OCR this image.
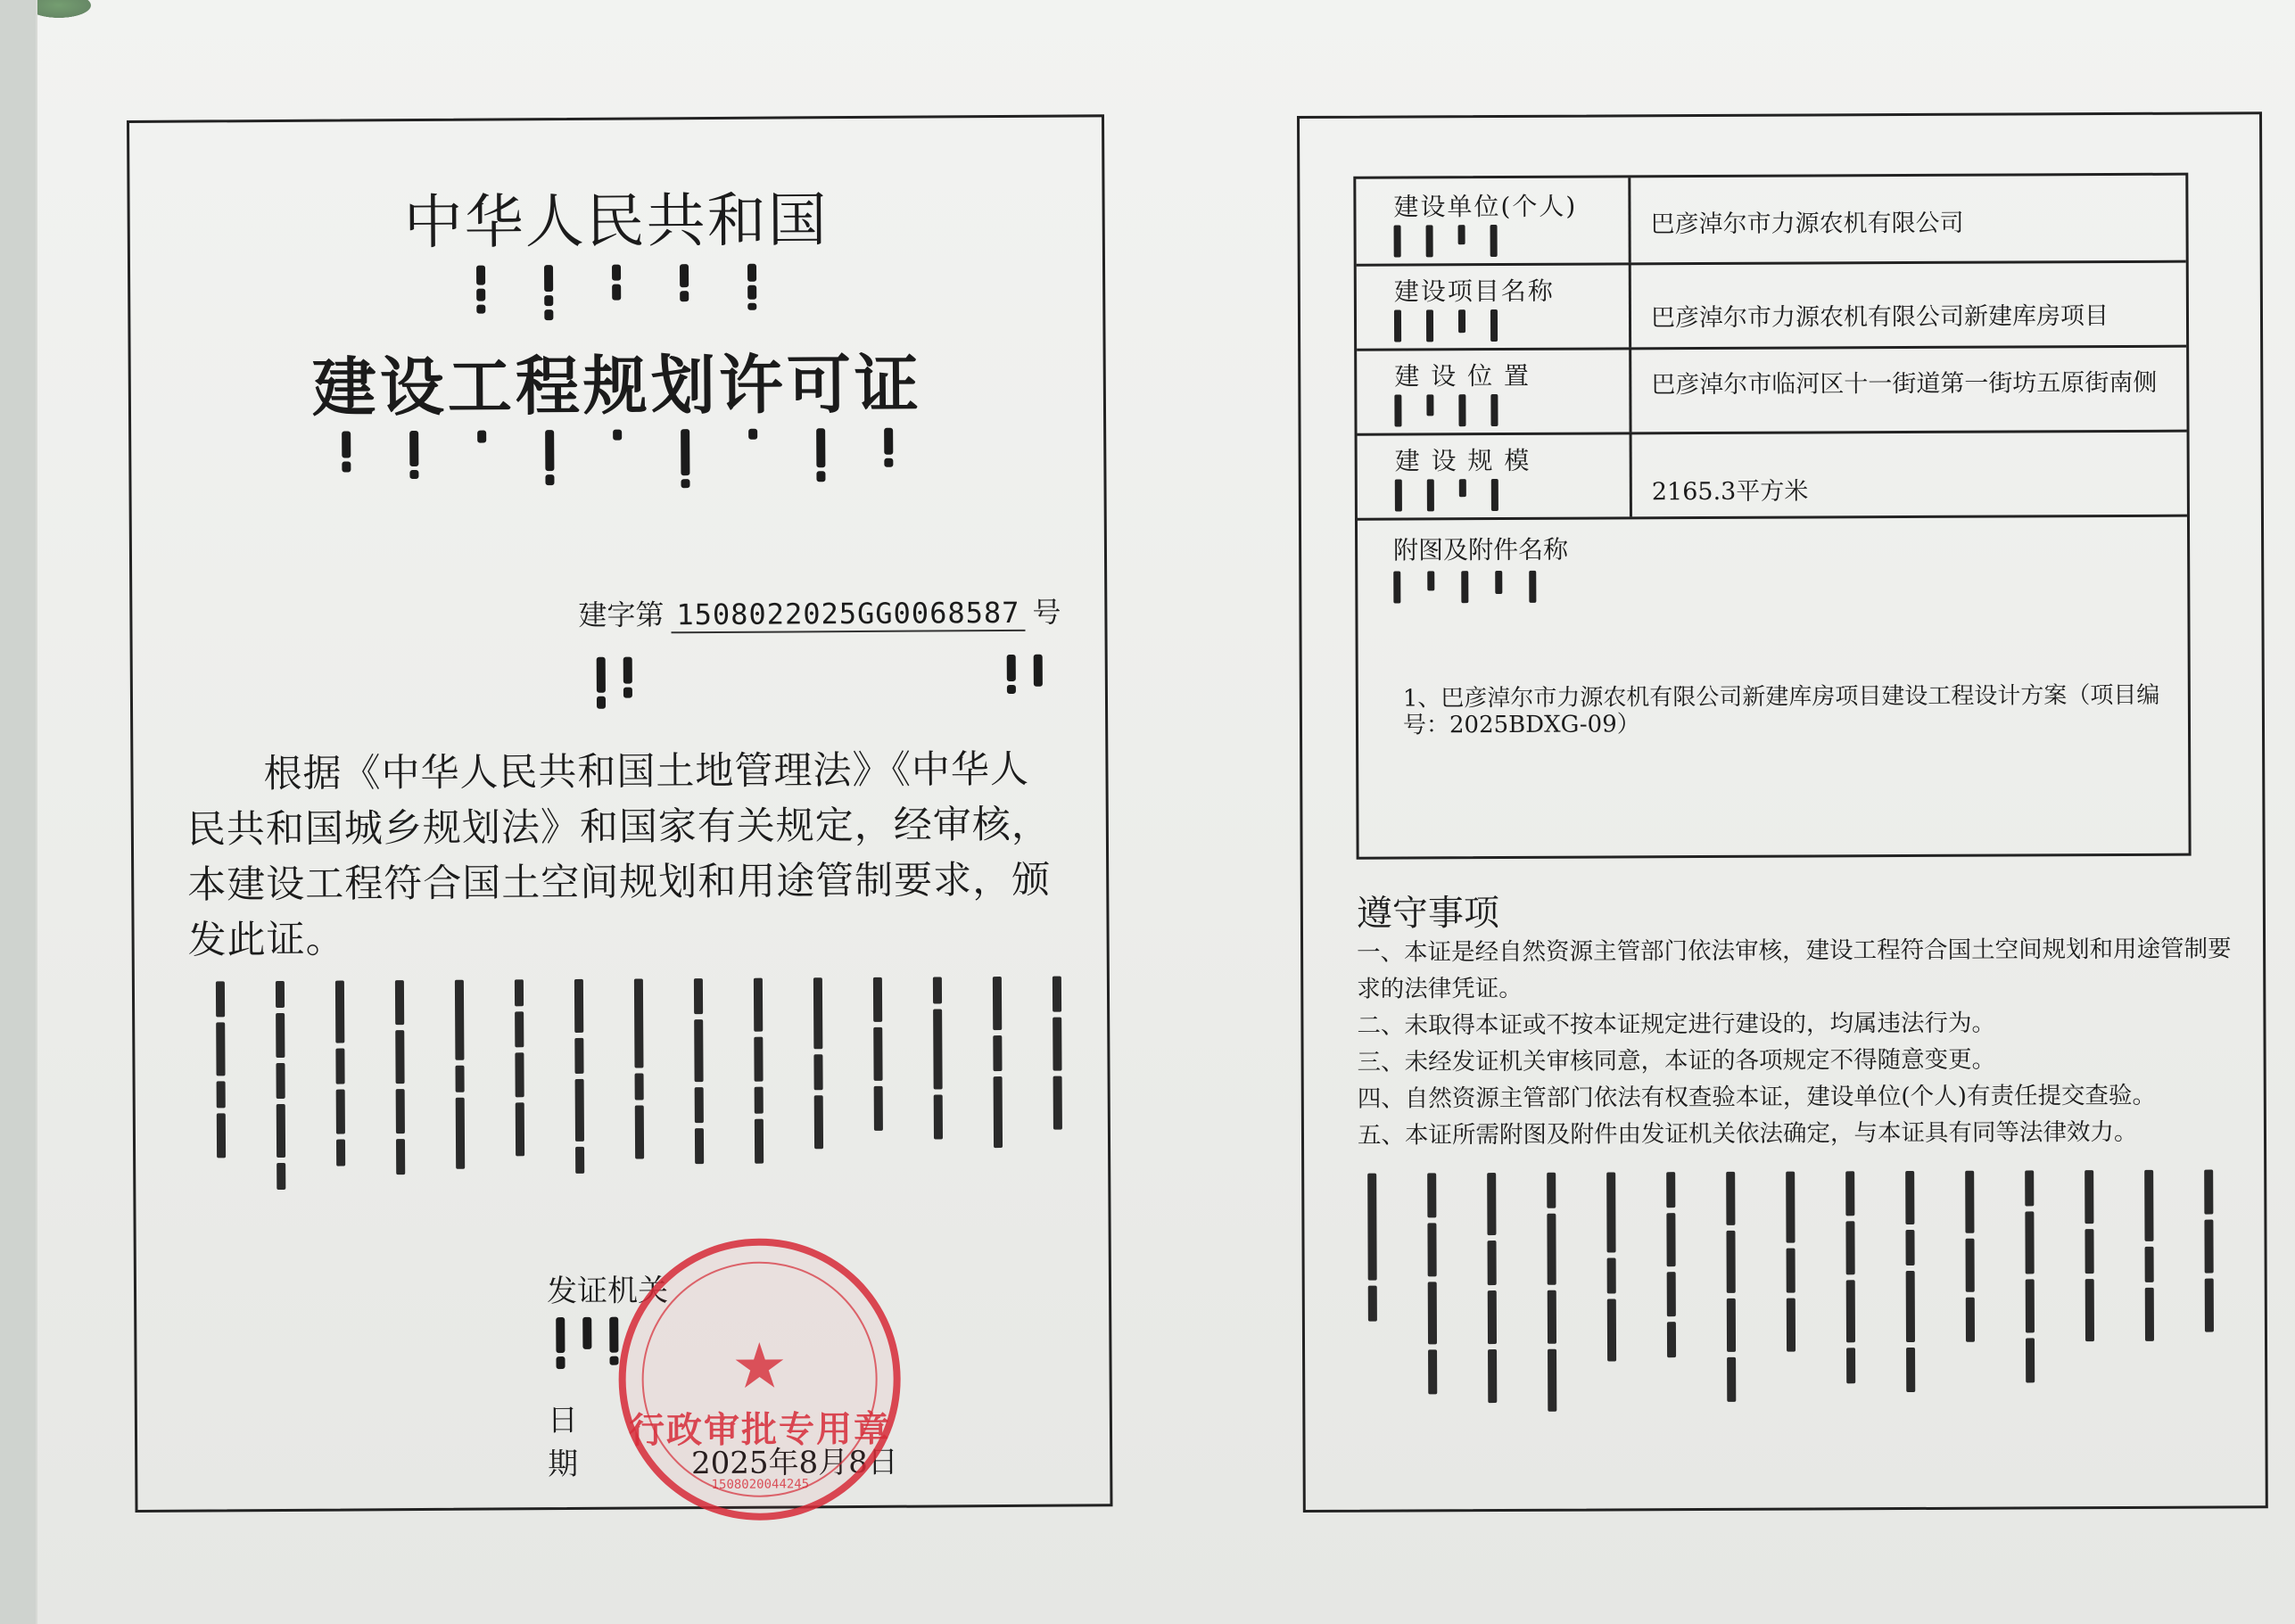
中华人民共和国
建设工程规划许可证
建字第 1508022025GG0068587 号
根据《中华人民共和国土地管理法》《中华人民共和国城乡规划法》和国家有关规定，经审核，本建设工程符合国土空间规划和用途管制要求，颁发此证。
发证机关
日期 2025年8月8日
★
行政审批专用章
1508020044245
建设单位(个人)
巴彦淖尔市力源农机有限公司
建设项目名称
巴彦淖尔市力源农机有限公司新建库房项目
建 设 位 置	巴彦淖尔市临河区十一街道第一街坊五原街南侧
建 设 规 模
2165.3平方米
附图及附件名称
1、巴彦淖尔市力源农机有限公司新建库房项目建设工程设计方案（项目编号：2025BDXG-09）
遵守事项

一、本证是经自然资源主管部门依法审核，建设工程符合国土空间规划和用途管制要求的法律凭证。

二、未取得本证或不按本证规定进行建设的，均属违法行为。

三、未经发证机关审核同意，本证的各项规定不得随意变更。

四、自然资源主管部门依法有权查验本证，建设单位(个人)有责任提交查验。

五、本证所需附图及附件由发证机关依法确定，与本证具有同等法律效力。
